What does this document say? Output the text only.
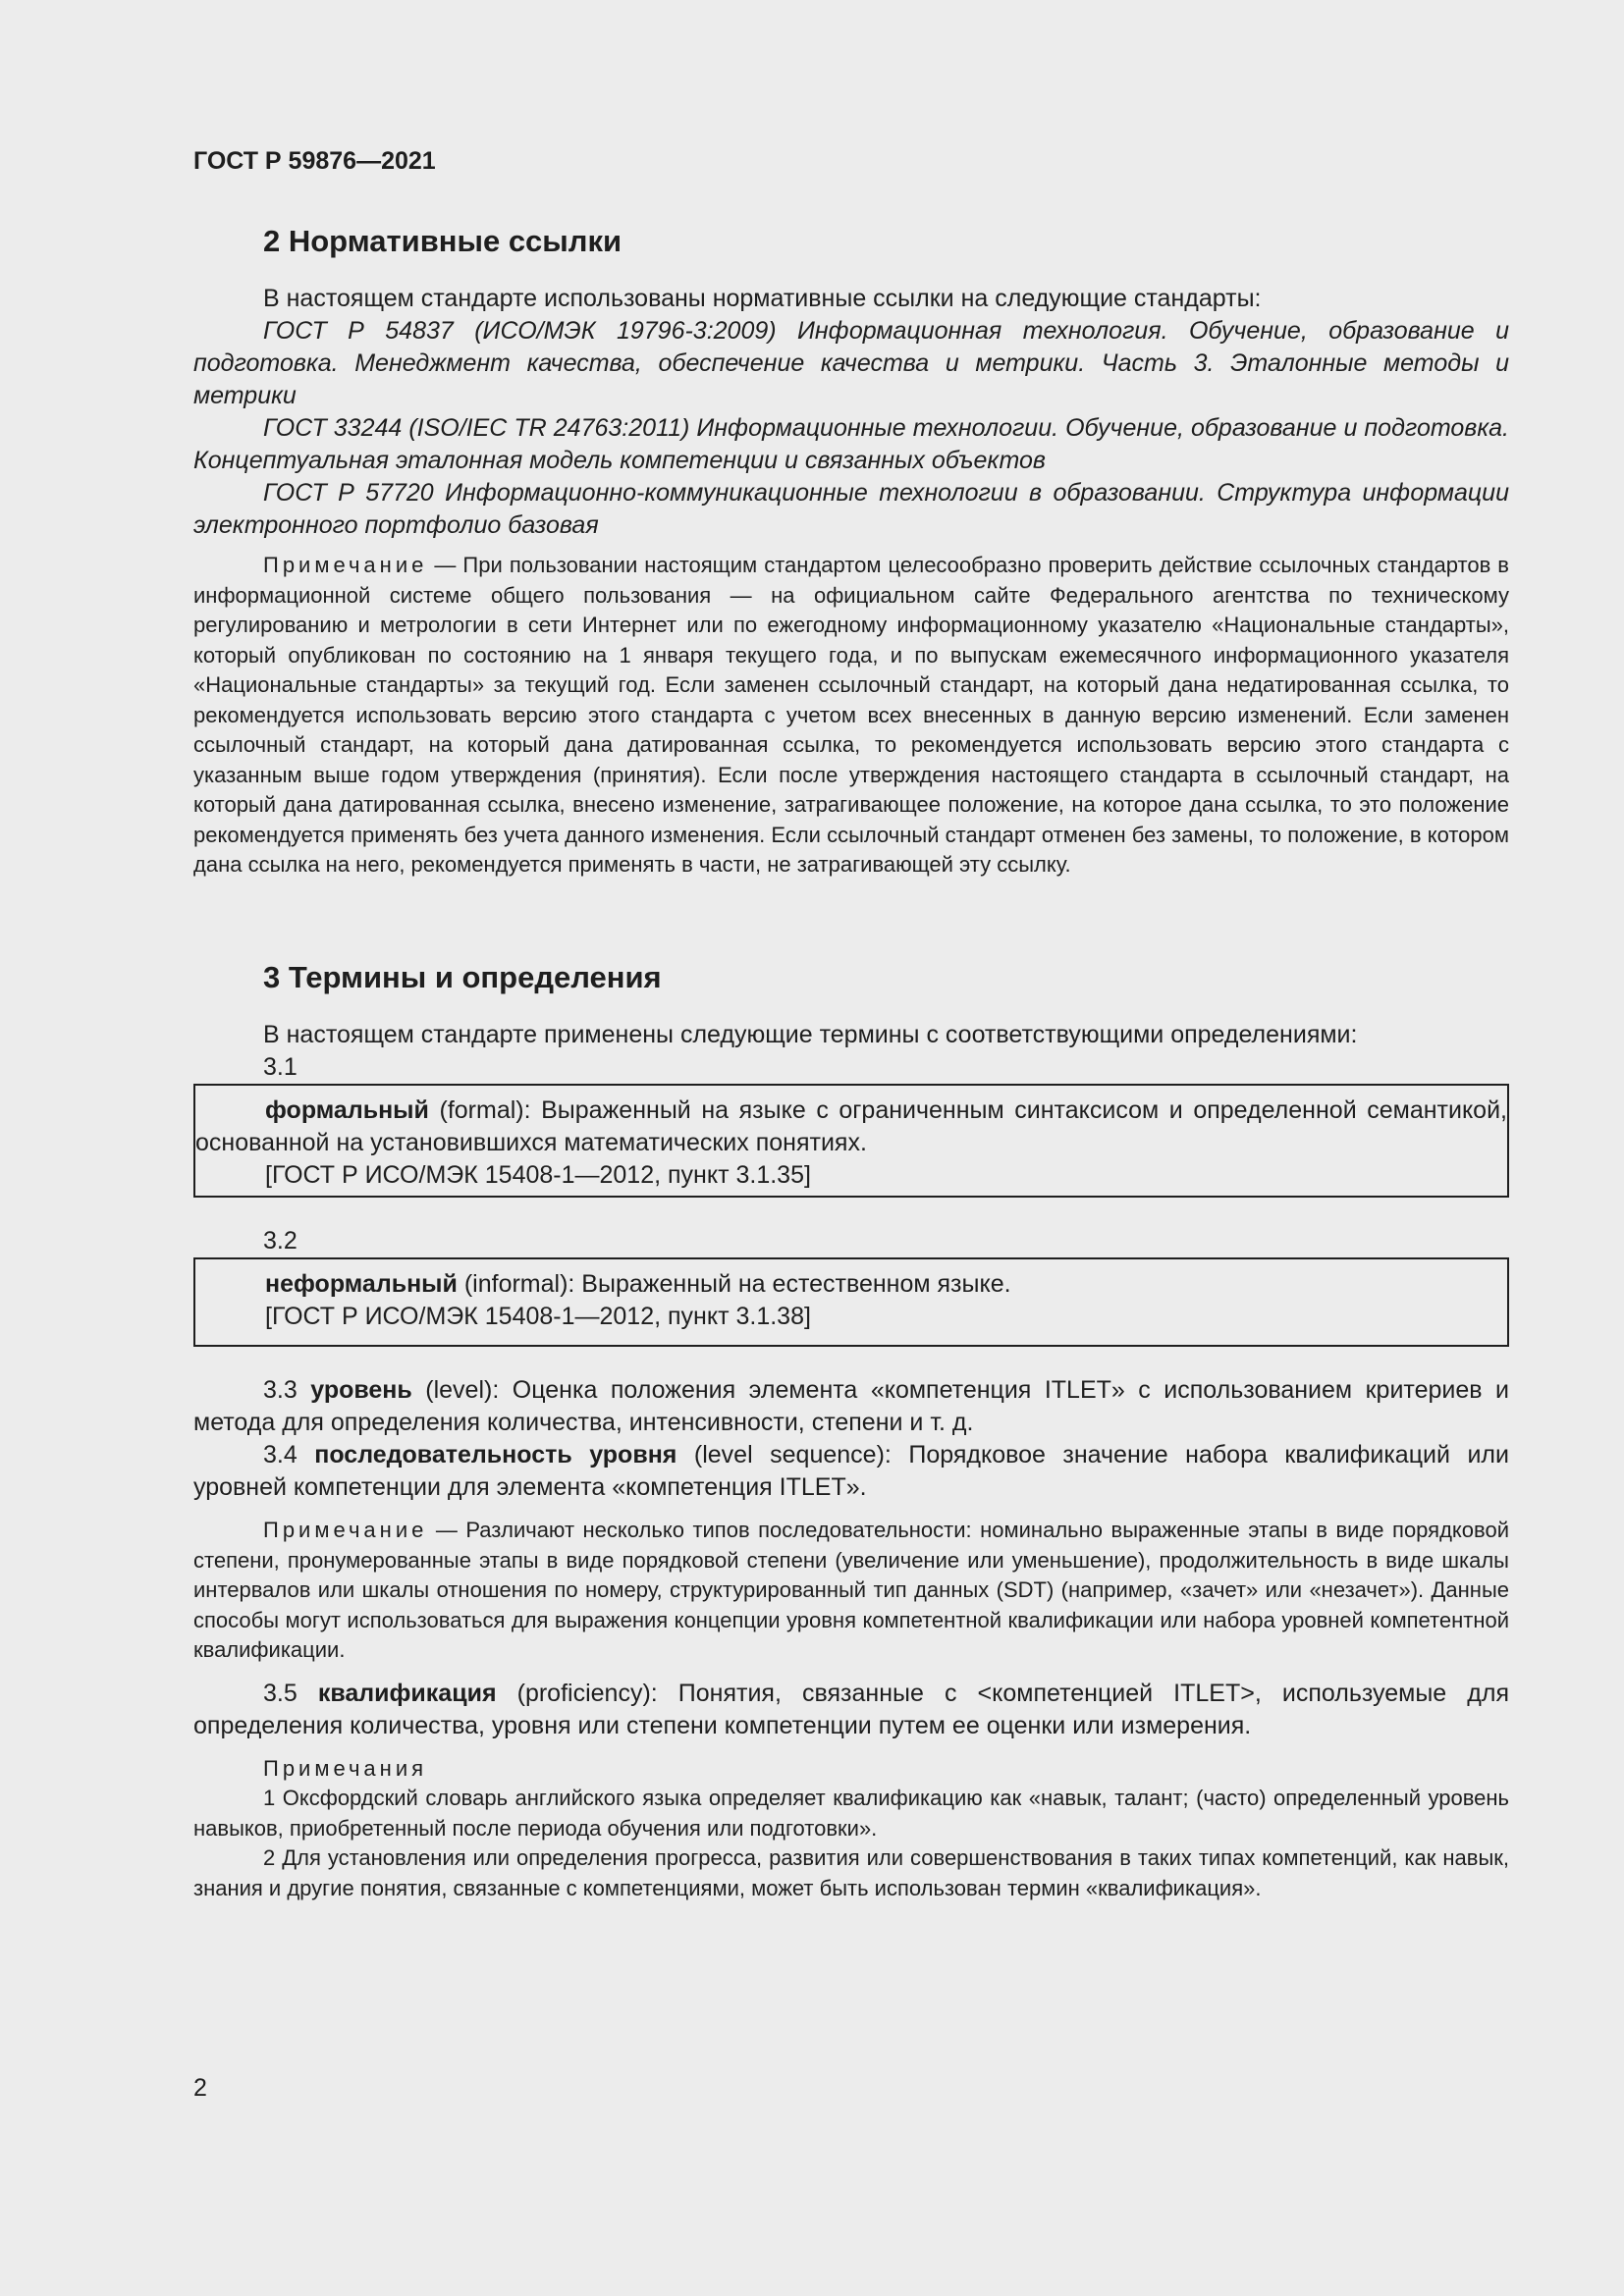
ГОСТ Р 59876—2021
2 Нормативные ссылки

В настоящем стандарте использованы нормативные ссылки на следующие стандарты:

ГОСТ Р 54837 (ИСО/МЭК 19796-3:2009) Информационная технология. Обучение, образование и подготовка. Менеджмент качества, обеспечение качества и метрики. Часть 3. Эталонные методы и метрики

ГОСТ 33244 (ISO/IEC TR 24763:2011) Информационные технологии. Обучение, образование и подготовка. Концептуальная эталонная модель компетенции и связанных объектов

ГОСТ Р 57720 Информационно-коммуникационные технологии в образовании. Структура информации электронного портфолио базовая

Примечание — При пользовании настоящим стандартом целесообразно проверить действие ссылочных стандартов в информационной системе общего пользования — на официальном сайте Федерального агентства по техническому регулированию и метрологии в сети Интернет или по ежегодному информационному указателю «Национальные стандарты», который опубликован по состоянию на 1 января текущего года, и по выпускам ежемесячного информационного указателя «Национальные стандарты» за текущий год. Если заменен ссылочный стандарт, на который дана недатированная ссылка, то рекомендуется использовать версию этого стандарта с учетом всех внесенных в данную версию изменений. Если заменен ссылочный стандарт, на который дана датированная ссылка, то рекомендуется использовать версию этого стандарта с указанным выше годом утверждения (принятия). Если после утверждения настоящего стандарта в ссылочный стандарт, на который дана датированная ссылка, внесено изменение, затрагивающее положение, на которое дана ссылка, то это положение рекомендуется применять без учета данного изменения. Если ссылочный стандарт отменен без замены, то положение, в котором дана ссылка на него, рекомендуется применять в части, не затрагивающей эту ссылку.

3 Термины и определения

В настоящем стандарте применены следующие термины с соответствующими определениями:

3.1

формальный (formal): Выраженный на языке с ограниченным синтаксисом и определенной семантикой, основанной на установившихся математических понятиях.

[ГОСТ Р ИСО/МЭК 15408-1—2012, пункт 3.1.35]
3.2

неформальный (informal): Выраженный на естественном языке.

[ГОСТ Р ИСО/МЭК 15408-1—2012, пункт 3.1.38]

3.3 уровень (level): Оценка положения элемента «компетенция ITLET» с использованием критериев и метода для определения количества, интенсивности, степени и т. д.

3.4 последовательность уровня (level sequence): Порядковое значение набора квалификаций или уровней компетенции для элемента «компетенция ITLET».

Примечание — Различают несколько типов последовательности: номинально выраженные этапы в виде порядковой степени, пронумерованные этапы в виде порядковой степени (увеличение или уменьшение), продолжительность в виде шкалы интервалов или шкалы отношения по номеру, структурированный тип данных (SDT) (например, «зачет» или «незачет»). Данные способы могут использоваться для выражения концепции уровня компетентной квалификации или набора уровней компетентной квалификации.

3.5 квалификация (proficiency): Понятия, связанные с <компетенцией ITLET>, используемые для определения количества, уровня или степени компетенции путем ее оценки или измерения.

Примечания

1 Оксфордский словарь английского языка определяет квалификацию как «навык, талант; (часто) определенный уровень навыков, приобретенный после периода обучения или подготовки».

2 Для установления или определения прогресса, развития или совершенствования в таких типах компетенций, как навык, знания и другие понятия, связанные с компетенциями, может быть использован термин «квалификация».

2
